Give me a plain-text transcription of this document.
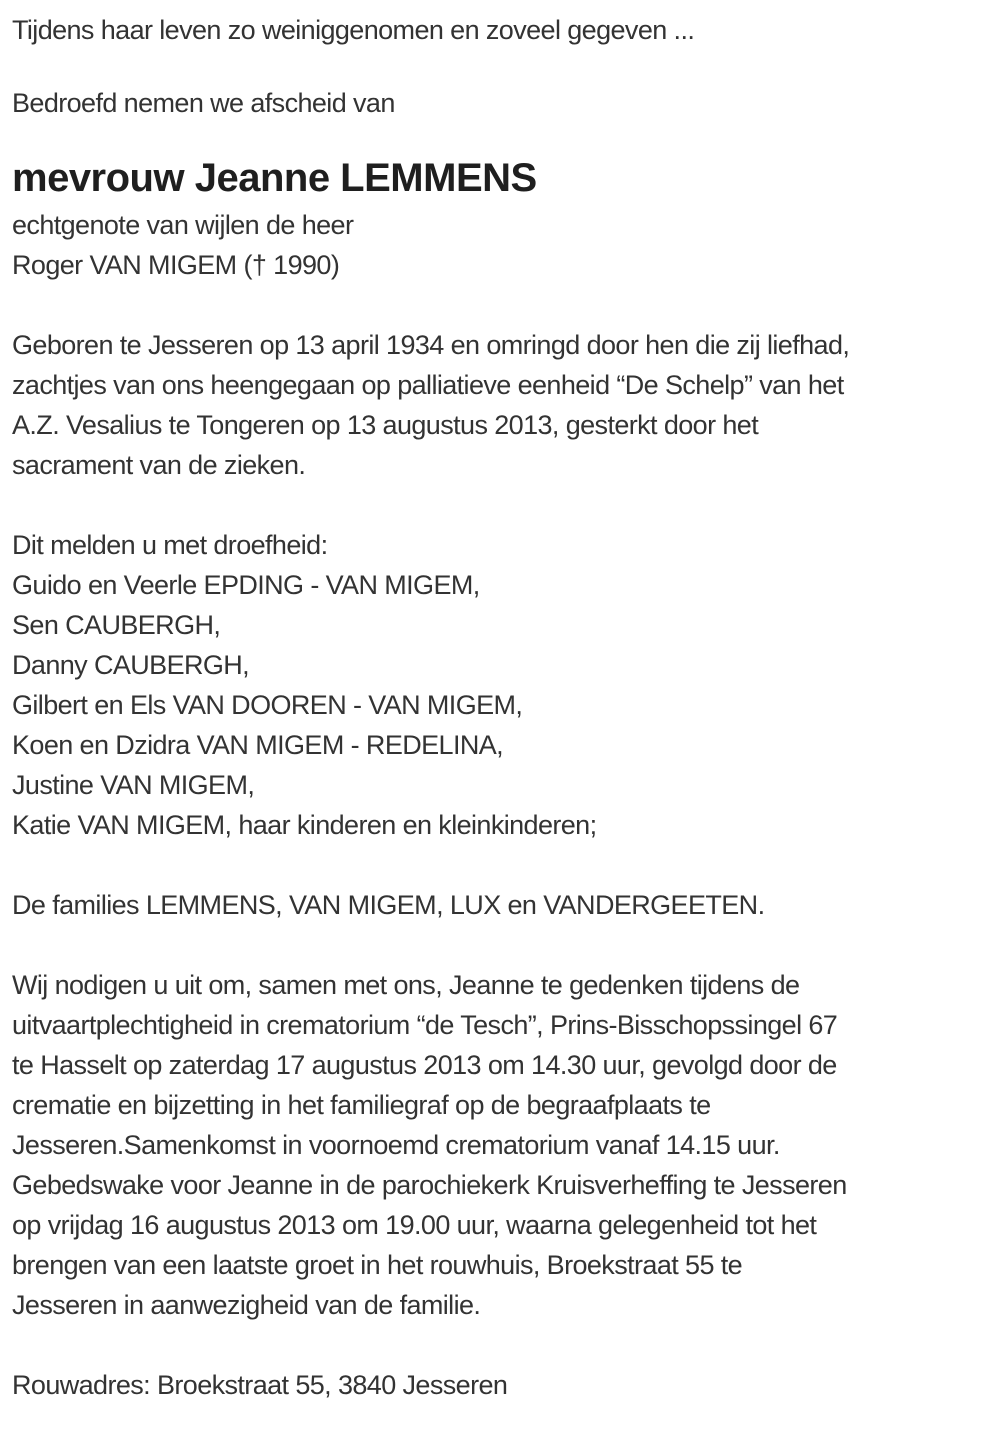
Tijdens haar leven zo weiniggenomen en zoveel gegeven ...
Bedroefd nemen we afscheid van
mevrouw Jeanne LEMMENS
echtgenote van wijlen de heer
Roger VAN MIGEM († 1990)
Geboren te Jesseren op 13 april 1934 en omringd door hen die zij liefhad,
zachtjes van ons heengegaan op palliatieve eenheid “De Schelp” van het
A.Z. Vesalius te Tongeren op 13 augustus 2013, gesterkt door het
sacrament van de zieken.
Dit melden u met droefheid:
Guido en Veerle EPDING - VAN MIGEM,
Sen CAUBERGH,
Danny CAUBERGH,
Gilbert en Els VAN DOOREN - VAN MIGEM,
Koen en Dzidra VAN MIGEM - REDELINA,
Justine VAN MIGEM,
Katie VAN MIGEM, haar kinderen en kleinkinderen;
De families LEMMENS, VAN MIGEM, LUX en VANDERGEETEN.
Wij nodigen u uit om, samen met ons, Jeanne te gedenken tijdens de
uitvaartplechtigheid in crematorium “de Tesch”, Prins-Bisschopssingel 67
te Hasselt op zaterdag 17 augustus 2013 om 14.30 uur, gevolgd door de
crematie en bijzetting in het familiegraf op de begraafplaats te
Jesseren.Samenkomst in voornoemd crematorium vanaf 14.15 uur.
Gebedswake voor Jeanne in de parochiekerk Kruisverheffing te Jesseren
op vrijdag 16 augustus 2013 om 19.00 uur, waarna gelegenheid tot het
brengen van een laatste groet in het rouwhuis, Broekstraat 55 te
Jesseren in aanwezigheid van de familie.
Rouwadres: Broekstraat 55, 3840 Jesseren
